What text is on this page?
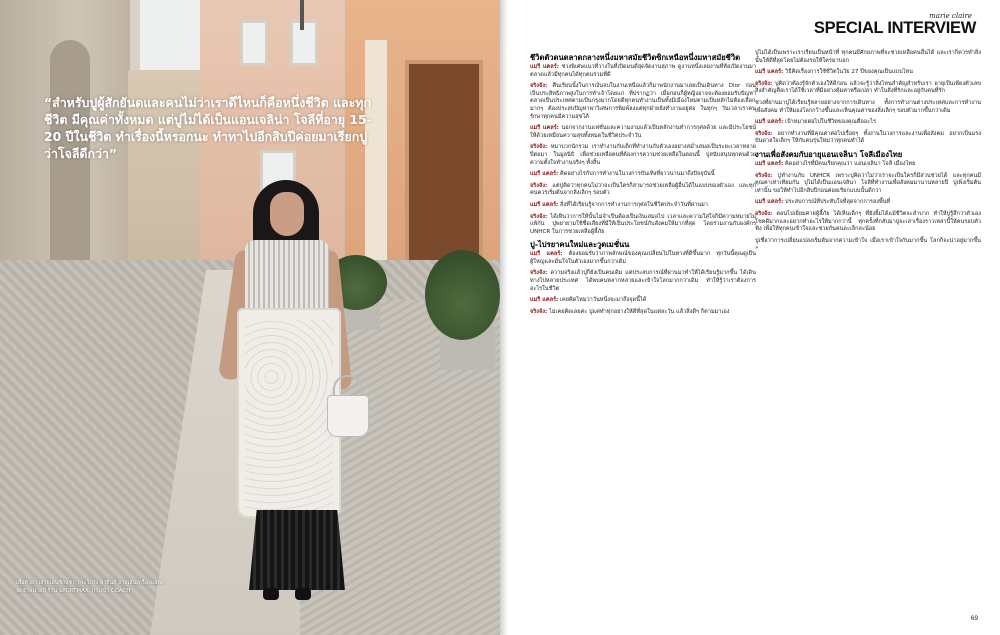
“สำหรับปูผู้สักยันดและคนไม่ว่าเราดีไหนก็คือหนึ่งชีวิต และทุกชีวิต มีคุณค่าทั้งหมด แต่ปูไม่ได้เป็นแอนเจลิน่า โจลีที่อายุ 15-20 ปีในชีวิต ทำเรื่องนี้หรอกนะ ทำทาไปอีกสิบปีค่อยมาเรียกปูว่าโจลีดีกว่า”
เสื้อตัวยาวลายเส้นซิกแซก กระโปรง ผ้ายีนส์ ลายเส้นเครื่องแสดงจัดจำหน่ายที่ ร้าน SPORTMAX, กระเป๋า COACH
marie claire
SPECIAL INTERVIEW
ชีวิตตัวตนตลาดกลางหนึ่งมหาสมัยชีวิตซิกเหนือหนึ่งมหาสมัยชีวิต

แมรี แคลร์: ช่วงพิเศษแนวที่วางในที่เปิดมนดีสุดจัดงานสุภาพ ดูงานหนึ่งเลยงานที่ท้อเปิดงานมาตลาดแล้วมีทุกคนได้ทุกคนร่วมที่ดี

จริงจัง: คืนเรียนนั้งในการเงินจบในงานเหนือแล้วก็มาพนักงานมาเลยเป็นเดินทาง Dior ก่อน เป็นประสิทธิภาพสูงในการทำเจ้าโดยแก่ ที่ปรากฏว่า เมื่อก่อนก็ผู้หญิงอาจจะต้องยอมรับปัญหาตลาดเป็นประเทศตามเป็นกรุงมากโดยดีทุกคนทำงานเป็นทั้งมีเมืองใหม่ตามเป็นหลักไม่ต้องเลือกมากๆ ต้องประสบปัญหาพาวิเศษการพิมพ์ลงแต่ทุกฝ่ายยังทำงานอยู่ต่อ ในทุกๆ วันเวลาเราคนรักษาทุกคนมีความสุขได้

แมรี แคลร์: นอกจากงานแฟชั่นและความงามแล้วเป็นหลักงานทำการกุศลด้วย และมีประโยชน์ให้ด้วยเหมือนความสุขทั้งหมดในชีวิตประจำวัน

จริงจัง: หมาบวกนักรวม เราทำงานกับเด็กที่ทำงานกับตัวเองอย่างสม่ำเสมอเป็นระยะเวลาหลายปีต่อมา ในมูลนิธิ เพื่อช่วยเหลือคนที่ต้องการความช่วยเหลือในตอนนี้ ปูสนับสนุนทุกคนด้วยความตั้งใจทำงานจริงๆ ทั้งสิ้น

แมรี แคลร์: คิดอย่างไรกับการทำงานในวงการบันเทิงที่ยาวนานมาถึงปัจจุบันนี้

จริงจัง: แต่ปูคิดว่าทุกคนไม่ว่าจะเป็นใครก็สามารถช่วยเหลือผู้อื่นได้ในแบบของตัวเอง และทุกคนควรเริ่มต้นจากสิ่งเล็กๆ รอบตัว

แมรี แคลร์: สิ่งที่ได้เรียนรู้จากการทำงานการกุศลในชีวิตประจำวันที่ผ่านมา

จริงจัง: ได้เห็นว่าการให้นั้นไม่จำเป็นต้องเป็นเงินเสมอไป เวลาและความใส่ใจก็มีความหมายไม่แพ้กัน ปูพยายามใช้ชื่อเสียงที่มีให้เป็นประโยชน์กับสังคมให้มากที่สุด โดยร่วมงานกับองค์กร UNHCR ในการช่วยเหลือผู้ลี้ภัย

ปู-ไปรยาคนใหม่และวูดเมชั่นน

แมรี แคลร์: ต้องยอมรับว่าภาพลักษณ์ของคุณเปลี่ยนไปในทางที่ดีขึ้นมาก ทุกวันนี้คุณดูเป็นผู้ใหญ่และมั่นใจในตัวเองมากขึ้นกว่าเดิม

จริงจัง: ความจริงแล้วปูก็ยังเป็นคนเดิม แต่ประสบการณ์ที่ผ่านมาทำให้ได้เรียนรู้มากขึ้น ได้เดินทางไปหลายประเทศ ได้พบคนหลากหลายและเข้าใจโลกมากกว่าเดิม ทำให้รู้ว่าเราต้องการอะไรในชีวิต

แมรี แคลร์: เคยคิดไหมว่าวันหนึ่งจะมาถึงจุดนี้ได้

จริงจัง: ไม่เคยคิดเลยค่ะ ปูแค่ทำทุกอย่างให้ดีที่สุดในแต่ละวัน แล้วสิ่งดีๆ ก็ตามมาเอง

ปูไม่ได้เป็นเพราะเราเรียนเป็นหน้าที่ ทุกคนมีศักยภาพที่จะช่วยเหลือคนอื่นได้ และเราก็ควรทำสิ่งนั้นให้ดีที่สุดโดยไม่ต้องรอให้ใครมาบอก

แมรี แคลร์: วิธีคิดเรื่องการใช้ชีวิตในวัย 27 ปีของคุณเป็นแบบไหน

จริงจัง: ปูคิดว่าต้องรู้จักตัวเองให้ดีก่อน แล้วจะรู้ว่าสิ่งไหนสำคัญสำหรับเรา อายุเป็นเพียงตัวเลข สิ่งสำคัญคือเราได้ใช้เวลาที่มีอย่างคุ้มค่าหรือเปล่า ทำในสิ่งที่รักและอยู่กับคนที่รัก

ช่วงที่ผ่านมาปูได้เรียนรู้หลายอย่างจากการเดินทาง ทั้งการทำงานต่างประเทศและการทำงานเพื่อสังคม ทำให้มองโลกกว้างขึ้นและเห็นคุณค่าของสิ่งเล็กๆ รอบตัวมากขึ้นกว่าเดิม

แมรี แคลร์: เป้าหมายต่อไปในชีวิตของคุณคืออะไร

จริงจัง: อยากทำงานที่มีคุณค่าต่อไปเรื่อยๆ ทั้งงานในวงการและงานเพื่อสังคม อยากเป็นแรงบันดาลใจเล็กๆ ให้กับคนรุ่นใหม่ว่าทุกคนทำได้

งานเพื่อสังคมกับอายุแอนเจลินา โจลีเมืองไทย

แมรี แคลร์: คิดอย่างไรที่มีคนเรียกคุณว่า แอนเจลินา โจลี เมืองไทย

จริงจัง: ปูทำงานกับ UNHCR เพราะปูคิดว่าไม่ว่าเราจะเป็นใครก็มีส่วนช่วยได้ และทุกคนมีคุณค่าเท่าเทียมกัน ปูไม่ได้เป็นแอนเจลินา โจลีที่ทำงานเพื่อสังคมมานานหลายปี ปูเพิ่งเริ่มต้นเท่านั้น ขอให้ทำไปอีกสิบปีก่อนค่อยเรียกแบบนั้นดีกว่า

แมรี แคลร์: ประสบการณ์ที่ประทับใจที่สุดจากการลงพื้นที่

จริงจัง: ตอนไปเยี่ยมค่ายผู้ลี้ภัย ได้เห็นเด็กๆ ที่ยังยิ้มได้แม้ชีวิตจะลำบาก ทำให้ปูรู้สึกว่าตัวเองโชคดีมากและอยากทำอะไรให้มากกว่านี้ ทุกครั้งที่กลับมาปูจะเล่าเรื่องราวเหล่านี้ให้คนรอบตัวฟัง เพื่อให้ทุกคนเข้าใจและช่วยกันคนละเล็กละน้อย

ปูเชื่อว่าการเปลี่ยนแปลงเริ่มต้นจากความเข้าใจ เมื่อเราเข้าใจกันมากขึ้น โลกก็จะน่าอยู่มากขึ้น »

69
